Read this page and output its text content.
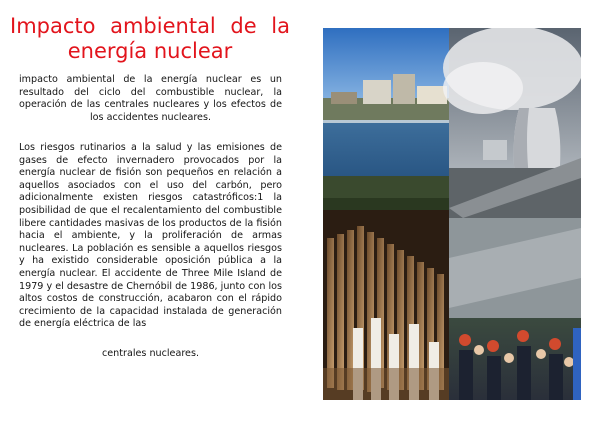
Impacto ambiental de la energía nuclear

impacto ambiental de la energía nuclear es un resultado del ciclo del combustible nuclear, la operación de las centrales nucleares y los efectos de los accidentes nucleares.

Los riesgos rutinarios a la salud y las emisiones de gases de efecto invernadero provocados por la energía nuclear de fisión son pequeños en relación a aquellos asociados con el uso del carbón, pero adicionalmente existen riesgos catastróficos:1 la posibilidad de que el recalentamiento del combustible libere cantidades masivas de los productos de la fisión hacia el ambiente, y la proliferación de armas nucleares. La población es sensible a aquellos riesgos y ha existido considerable oposición pública a la energía nuclear. El accidente de Three Mile Island de 1979 y el desastre de Chernóbil de 1986, junto con los altos costos de construcción, acabaron con el rápido crecimiento de la capacidad instalada de generación de energía eléctrica de las

centrales nucleares.
